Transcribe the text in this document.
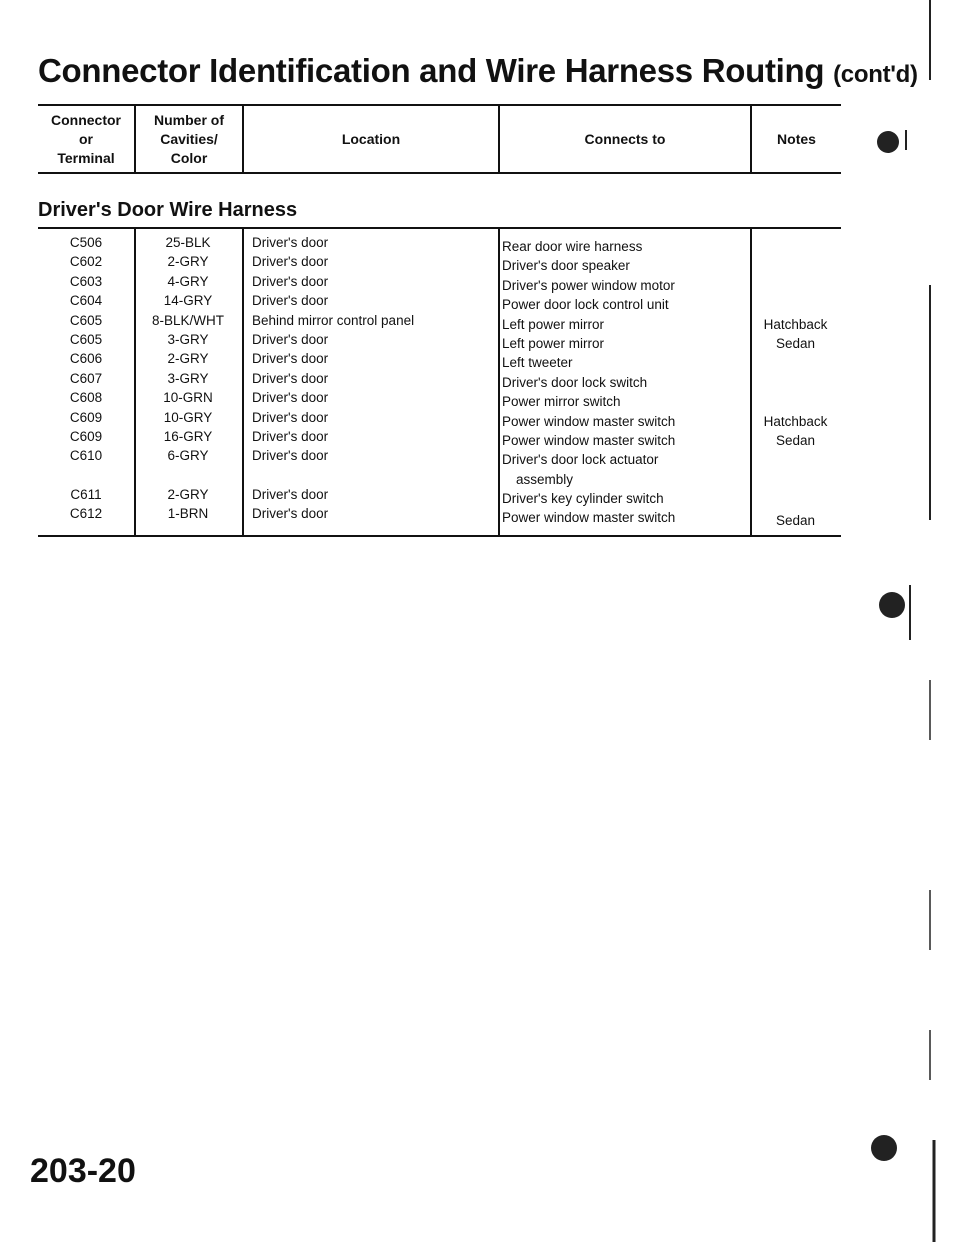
Connector Identification and Wire Harness Routing (cont'd)
Connector
or
Terminal
Number of
Cavities/
Color
Location	Connects to	Notes
Driver's Door Wire Harness
C506
C602
C603
C604
C605
C605
C606
C607
C608
C609
C609
C610
C611
C612
25-BLK
2-GRY
4-GRY
14-GRY
8-BLK/WHT
3-GRY
2-GRY
3-GRY
10-GRN
10-GRY
16-GRY
6-GRY
2-GRY
1-BRN
Driver's door
Driver's door
Driver's door
Driver's door
Behind mirror control panel
Driver's door
Driver's door
Driver's door
Driver's door
Driver's door
Driver's door
Driver's door
Driver's door
Driver's door
Rear door wire harness
Driver's door speaker
Driver's power window motor
Power door lock control unit
Left power mirror
Left power mirror
Left tweeter
Driver's door lock switch
Power mirror switch
Power window master switch
Power window master switch
Driver's door lock actuator
assembly
Driver's key cylinder switch
Power window master switch
Hatchback
Sedan
Hatchback
Sedan
Sedan
203-20
